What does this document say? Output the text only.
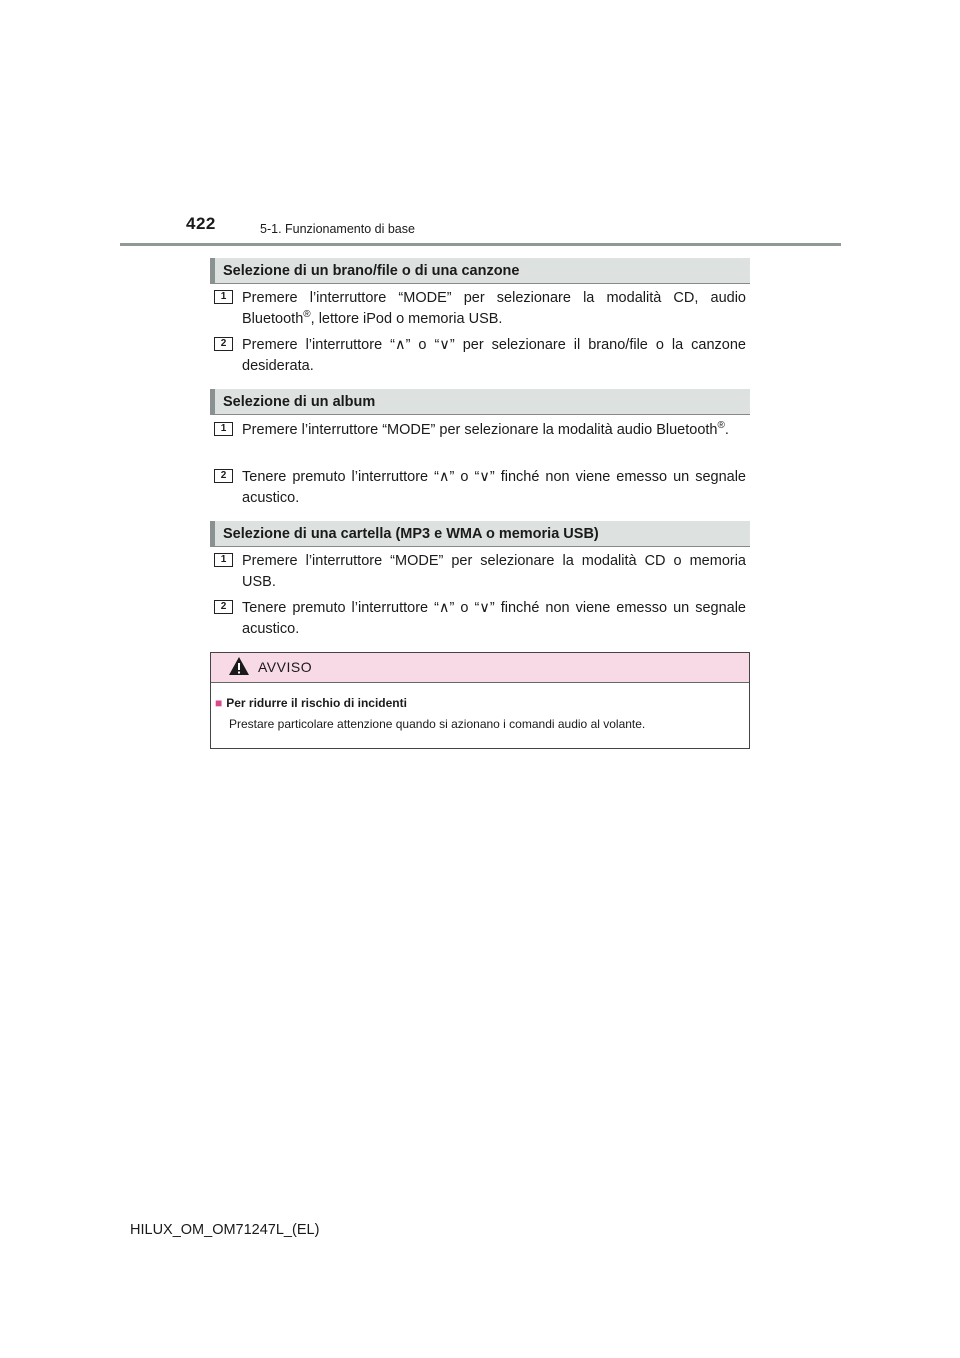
422	5-1. Funzionamento di base
Selezione di un brano/file o di una canzone
1	Premere l’interruttore “MODE” per selezionare la modalità CD, audio Bluetooth®, lettore iPod o memoria USB.
2	Premere l’interruttore “∧” o “∨” per selezionare il brano/file o la canzone desiderata.
Selezione di un album
1	Premere l’interruttore “MODE” per selezionare la modalità audio Bluetooth®.
2	Tenere premuto l’interruttore “∧” o “∨” finché non viene emesso un segnale acustico.
Selezione di una cartella (MP3 e WMA o memoria USB)
1	Premere l’interruttore “MODE” per selezionare la modalità CD o memoria USB.
2	Tenere premuto l’interruttore “∧” o “∨” finché non viene emesso un segnale acustico.
AVVISO
■ Per ridurre il rischio di incidenti
Prestare particolare attenzione quando si azionano i comandi audio al volante.
HILUX_OM_OM71247L_(EL)
